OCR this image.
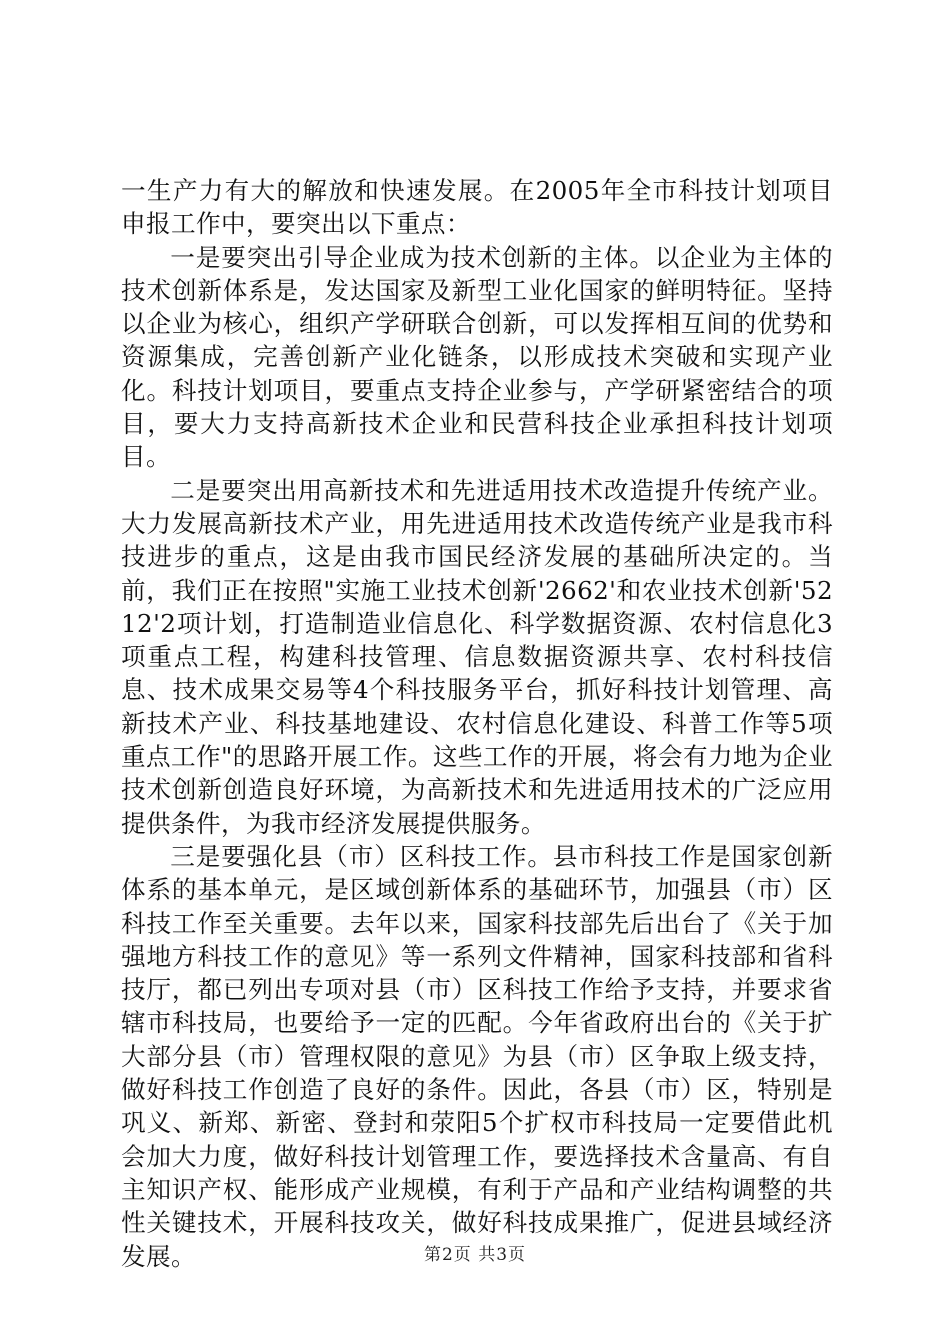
一生产力有大的解放和快速发展。在2005年全市科技计划项目申报工作中，要突出以下重点：

一是要突出引导企业成为技术创新的主体。以企业为主体的技术创新体系是，发达国家及新型工业化国家的鲜明特征。坚持以企业为核心，组织产学研联合创新，可以发挥相互间的优势和资源集成，完善创新产业化链条，以形成技术突破和实现产业化。科技计划项目，要重点支持企业参与，产学研紧密结合的项目，要大力支持高新技术企业和民营科技企业承担科技计划项目。

二是要突出用高新技术和先进适用技术改造提升传统产业。大力发展高新技术产业，用先进适用技术改造传统产业是我市科技进步的重点，这是由我市国民经济发展的基础所决定的。当前，我们正在按照"实施工业技术创新'2662'和农业技术创新'5212'2项计划，打造制造业信息化、科学数据资源、农村信息化3项重点工程，构建科技管理、信息数据资源共享、农村科技信息、技术成果交易等4个科技服务平台，抓好科技计划管理、高新技术产业、科技基地建设、农村信息化建设、科普工作等5项重点工作"的思路开展工作。这些工作的开展，将会有力地为企业技术创新创造良好环境，为高新技术和先进适用技术的广泛应用提供条件，为我市经济发展提供服务。

三是要强化县（市）区科技工作。县市科技工作是国家创新体系的基本单元，是区域创新体系的基础环节，加强县（市）区科技工作至关重要。去年以来，国家科技部先后出台了《关于加强地方科技工作的意见》等一系列文件精神，国家科技部和省科技厅，都已列出专项对县（市）区科技工作给予支持，并要求省辖市科技局，也要给予一定的匹配。今年省政府出台的《关于扩大部分县（市）管理权限的意见》为县（市）区争取上级支持，做好科技工作创造了良好的条件。因此，各县（市）区，特别是巩义、新郑、新密、登封和荥阳5个扩权市科技局一定要借此机会加大力度，做好科技计划管理工作，要选择技术含量高、有自主知识产权、能形成产业规模，有利于产品和产业结构调整的共性关键技术，开展科技攻关，做好科技成果推广，促进县域经济发展。	第2页 共3页
